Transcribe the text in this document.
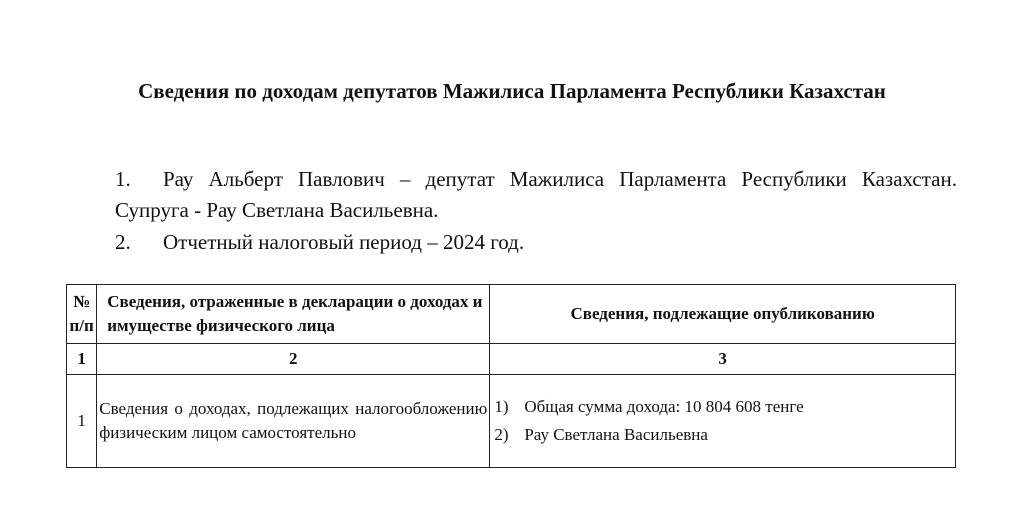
Сведения по доходам депутатов Мажилиса Парламента Республики Казахстан
1. Рау Альберт Павлович – депутат Мажилиса Парламента Республики Казахстан. Супруга - Рау Светлана Васильевна.
2. Отчетный налоговый период – 2024 год.
№ п/п	Сведения, отраженные в декларации о доходах и имуществе физического лица	Сведения, подлежащие опубликованию
1	2	3
1	Сведения о доходах, подлежащих налогообложению физическим лицом самостоятельно	1) Общая сумма дохода: 10 804 608 тенге
2) Рау Светлана Васильевна
